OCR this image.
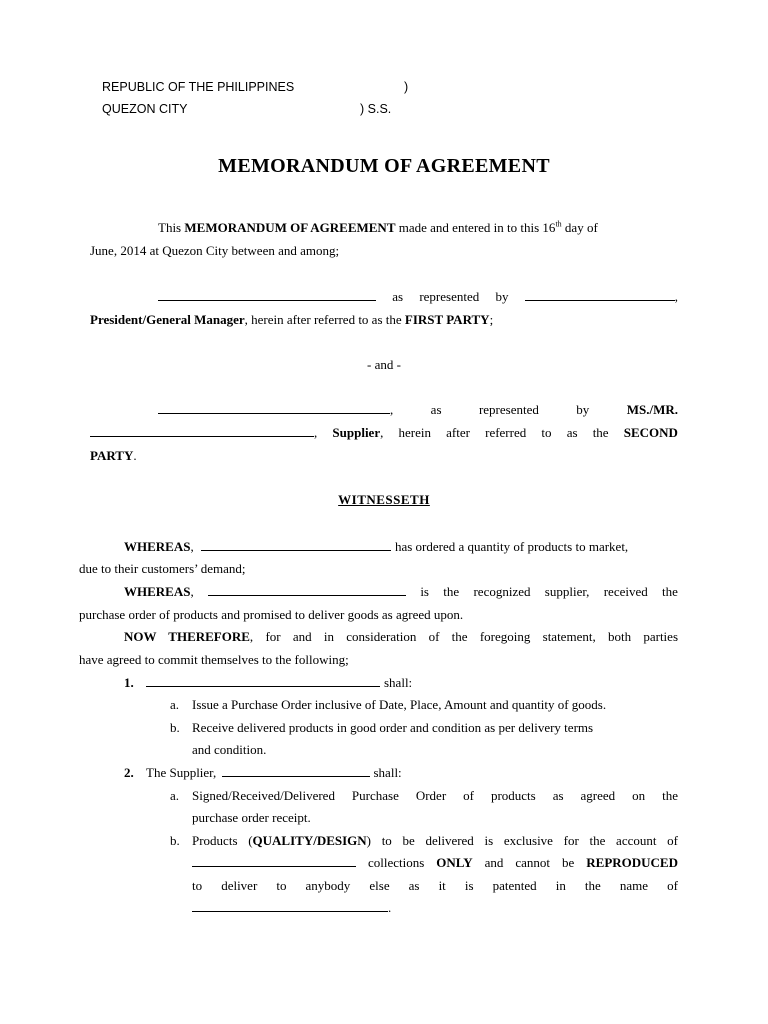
REPUBLIC OF THE PHILIPPINES	)
QUEZON CITY	) S.S.
MEMORANDUM OF AGREEMENT
This MEMORANDUM OF AGREEMENT made and entered in to this 16th day of
June, 2014 at Quezon City between and among;
as represented by	,
President/General Manager, herein after referred to as the FIRST PARTY;
- and -
,	as	represented	by	MS./MR.
, Supplier, herein after referred to as the SECOND
PARTY.
WITNESSETH
WHEREAS,	has ordered a quantity of products to market,
due to their customers’ demand;
WHEREAS,	is the recognized supplier, received the
purchase order of products and promised to deliver goods as agreed upon.
NOW THEREFORE, for and in consideration of the foregoing statement, both parties
have agreed to commit themselves to the following;
1.	shall:
a. Issue a Purchase Order inclusive of Date, Place, Amount and quantity of goods.
b. Receive delivered products in good order and condition as per delivery terms
and condition.
2. The Supplier,	shall:
a. Signed/Received/Delivered Purchase Order of products as agreed on the
purchase order receipt.
b. Products (QUALITY/DESIGN) to be delivered is exclusive for the account of
collections ONLY and cannot be REPRODUCED
to deliver to anybody else as it is patented in the name of
.
